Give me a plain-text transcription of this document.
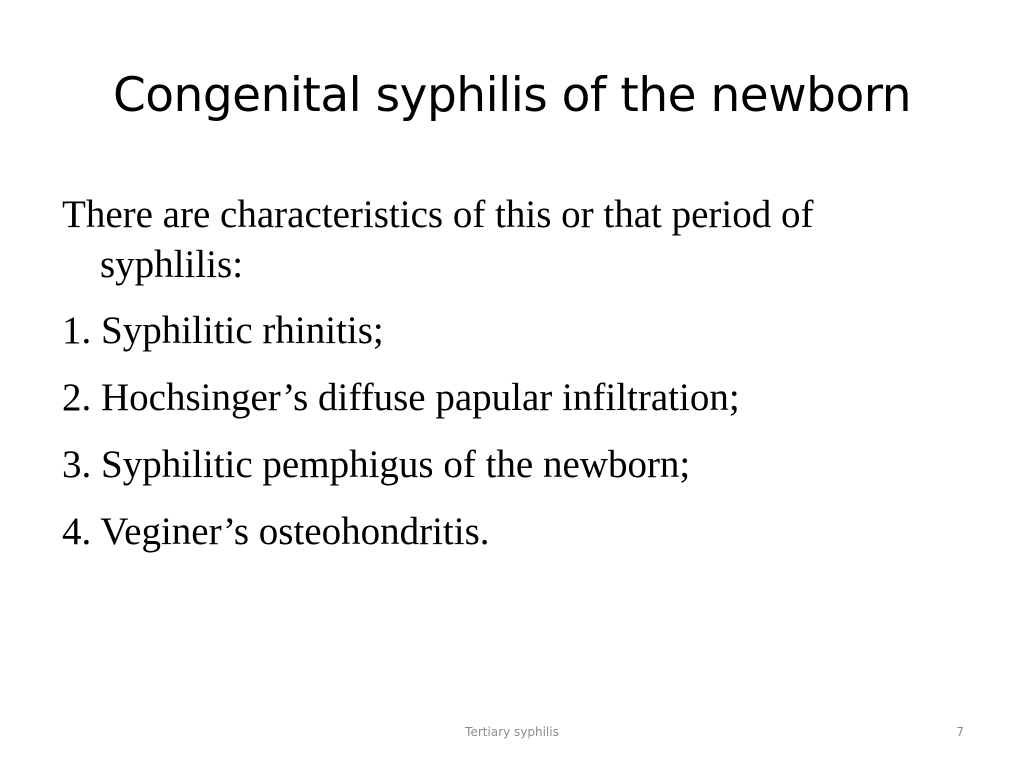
Congenital syphilis of the newborn
There are characteristics of this or that period of syphlilis:
1. Syphilitic rhinitis;
2. Hochsinger’s diffuse papular infiltration;
3. Syphilitic pemphigus of the newborn;
4. Veginer’s osteohondritis.
Tertiary syphilis	7
